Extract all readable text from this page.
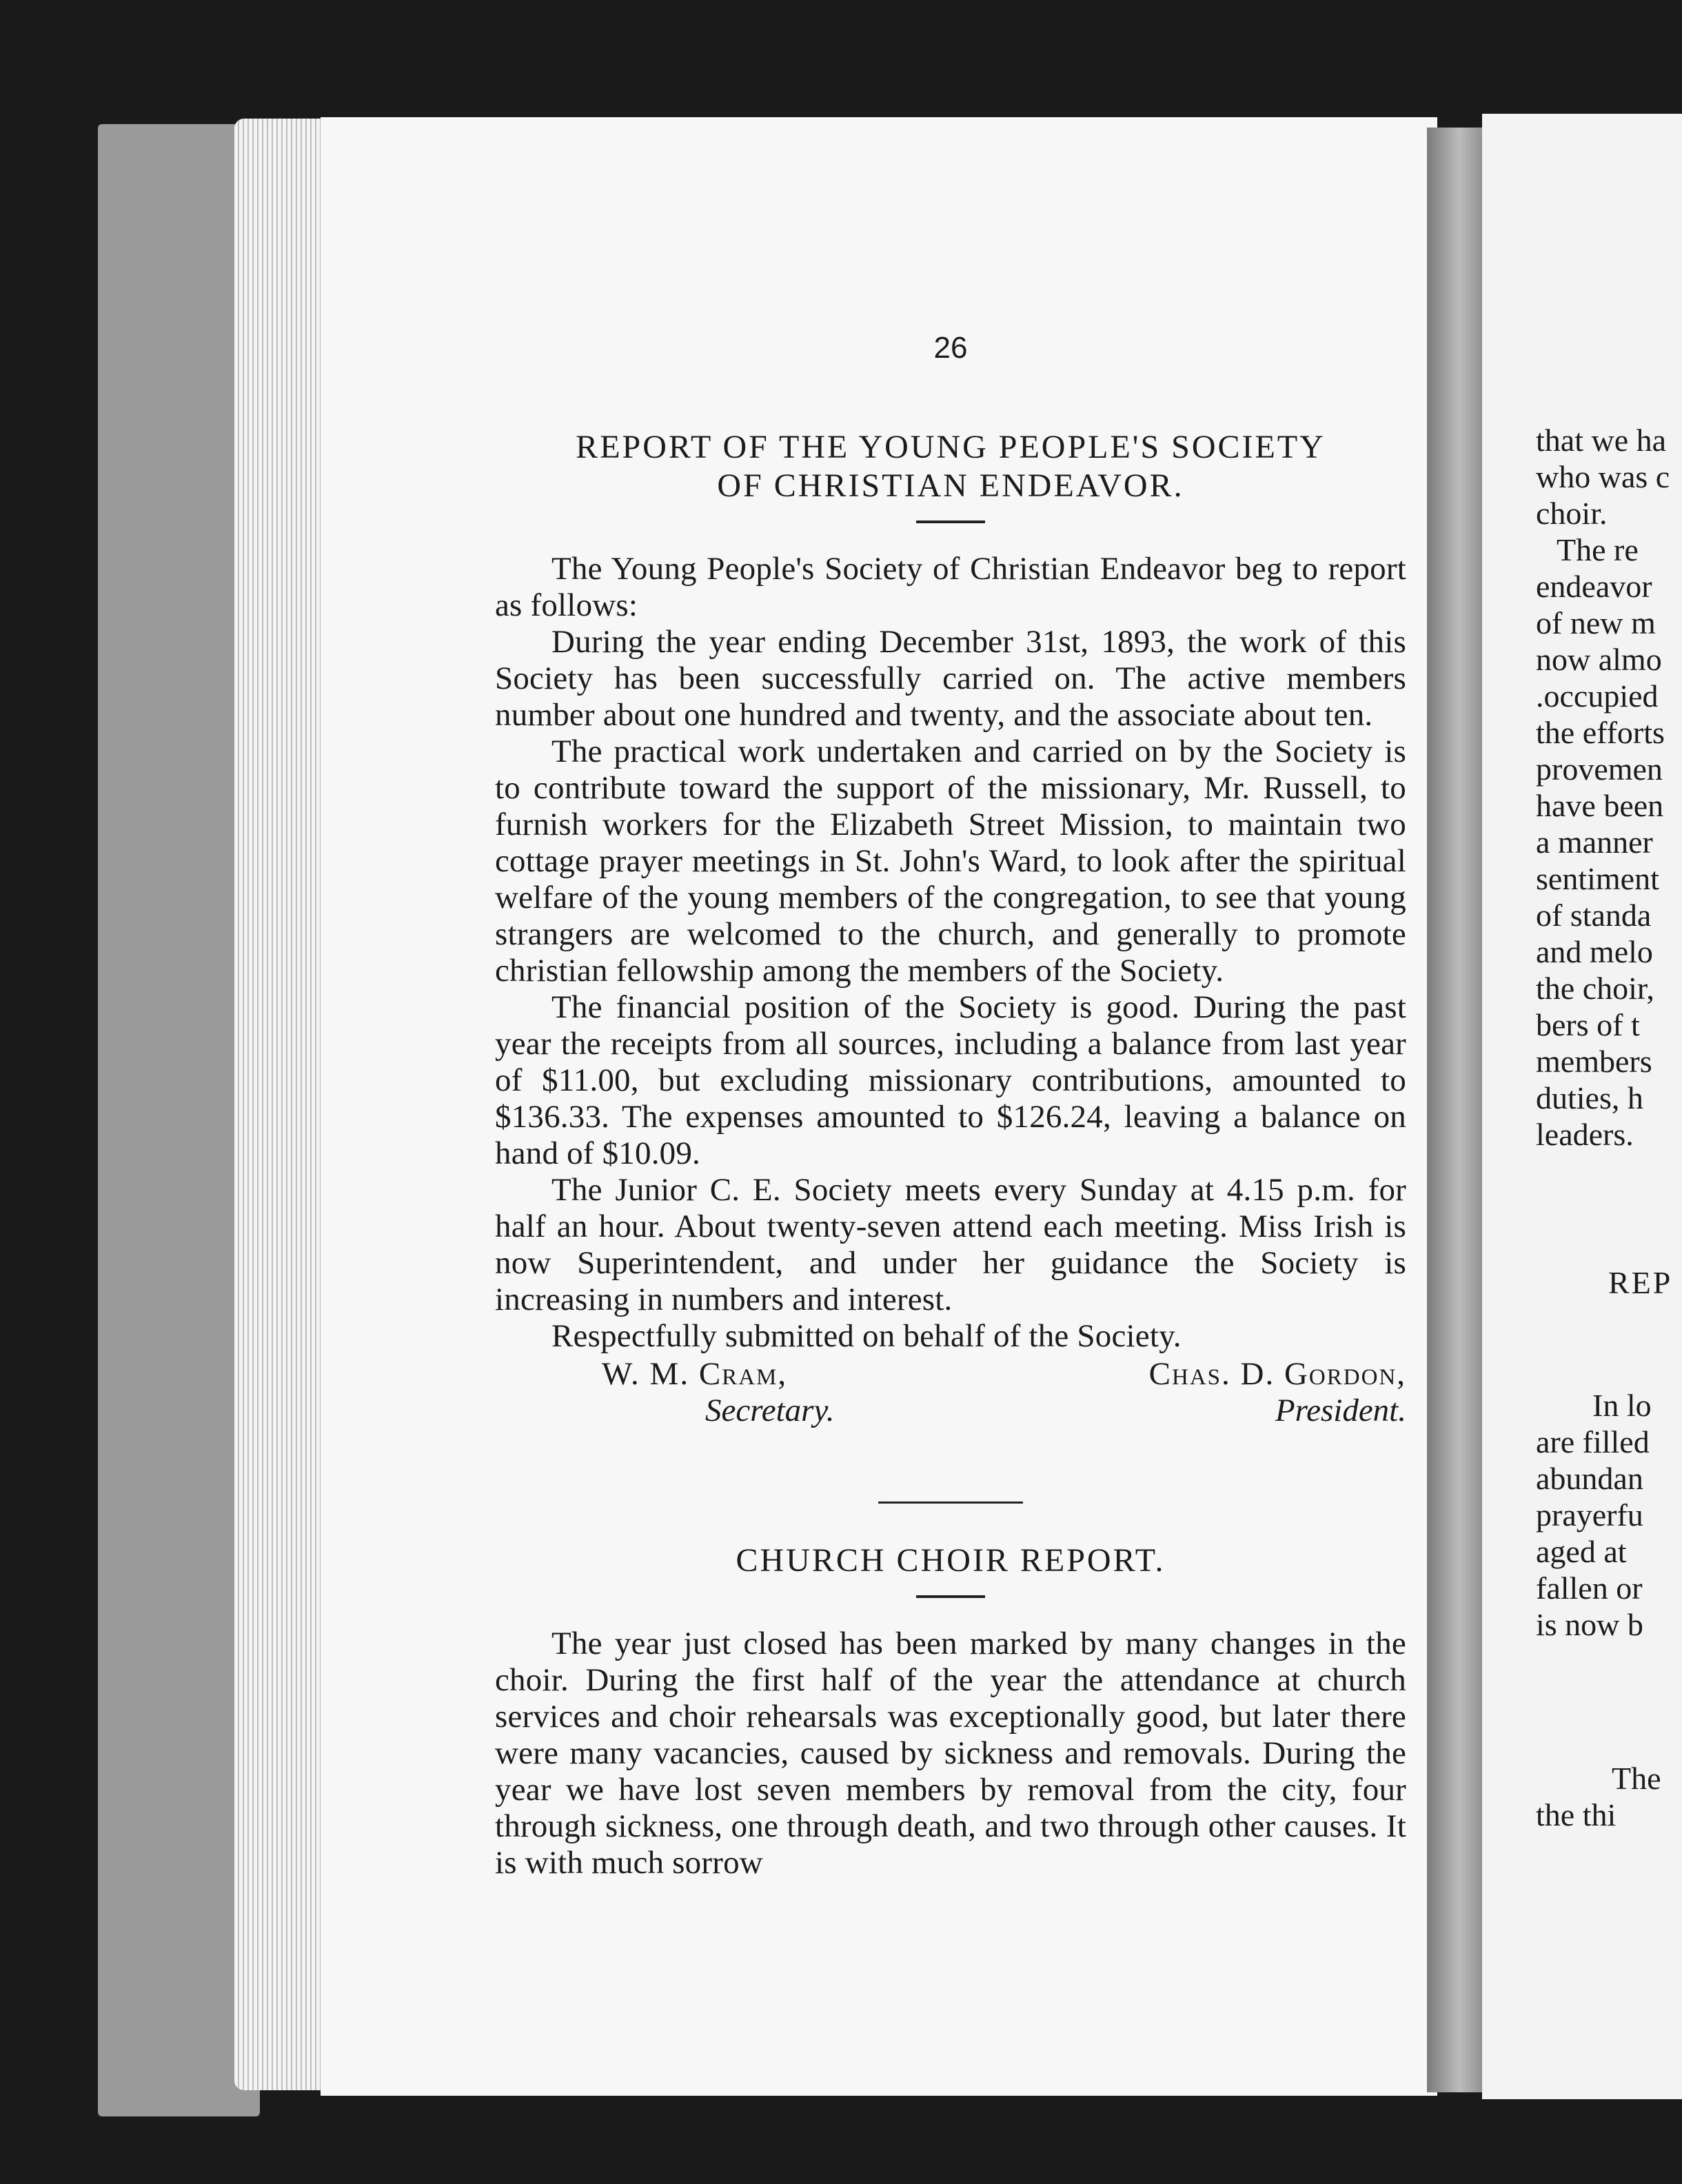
26

REPORT OF THE YOUNG PEOPLE'S SOCIETY

OF CHRISTIAN ENDEAVOR.

The Young People's Society of Christian Endeavor beg to report as follows:

During the year ending December 31st, 1893, the work of this Society has been successfully carried on. The active members number about one hundred and twenty, and the associate about ten.

The practical work undertaken and carried on by the Society is to contribute toward the support of the missionary, Mr. Russell, to furnish workers for the Elizabeth Street Mission, to maintain two cottage prayer meetings in St. John's Ward, to look after the spiritual welfare of the young members of the congregation, to see that young strangers are welcomed to the church, and generally to promote christian fellowship among the members of the Society.

The financial position of the Society is good. During the past year the receipts from all sources, including a balance from last year of $11.00, but excluding missionary contributions, amounted to $136.33. The expenses amounted to $126.24, leaving a balance on hand of $10.09.

The Junior C. E. Society meets every Sunday at 4.15 p.m. for half an hour. About twenty-seven attend each meeting. Miss Irish is now Superintendent, and under her guidance the Society is increasing in numbers and interest.

Respectfully submitted on behalf of the Society.

W. M. Cram,
Secretary.
Chas. D. Gordon,
President.

CHURCH CHOIR REPORT.

The year just closed has been marked by many changes in the choir. During the first half of the year the attendance at church services and choir rehearsals was exceptionally good, but later there were many vacancies, caused by sickness and removals. During the year we have lost seven members by removal from the city, four through sickness, one through death, and two through other causes. It is with much sorrow

that we ha
who was c
choir.
The re
endeavor
of new m
now almo
.occupied
the efforts
provemen
have been
a manner
sentiment
of standa
and melo
the choir,
bers of t
members
duties, h
leaders.
REP
In lo
are filled
abundan
prayerfu
aged at
fallen or
is now b
The
the thi
